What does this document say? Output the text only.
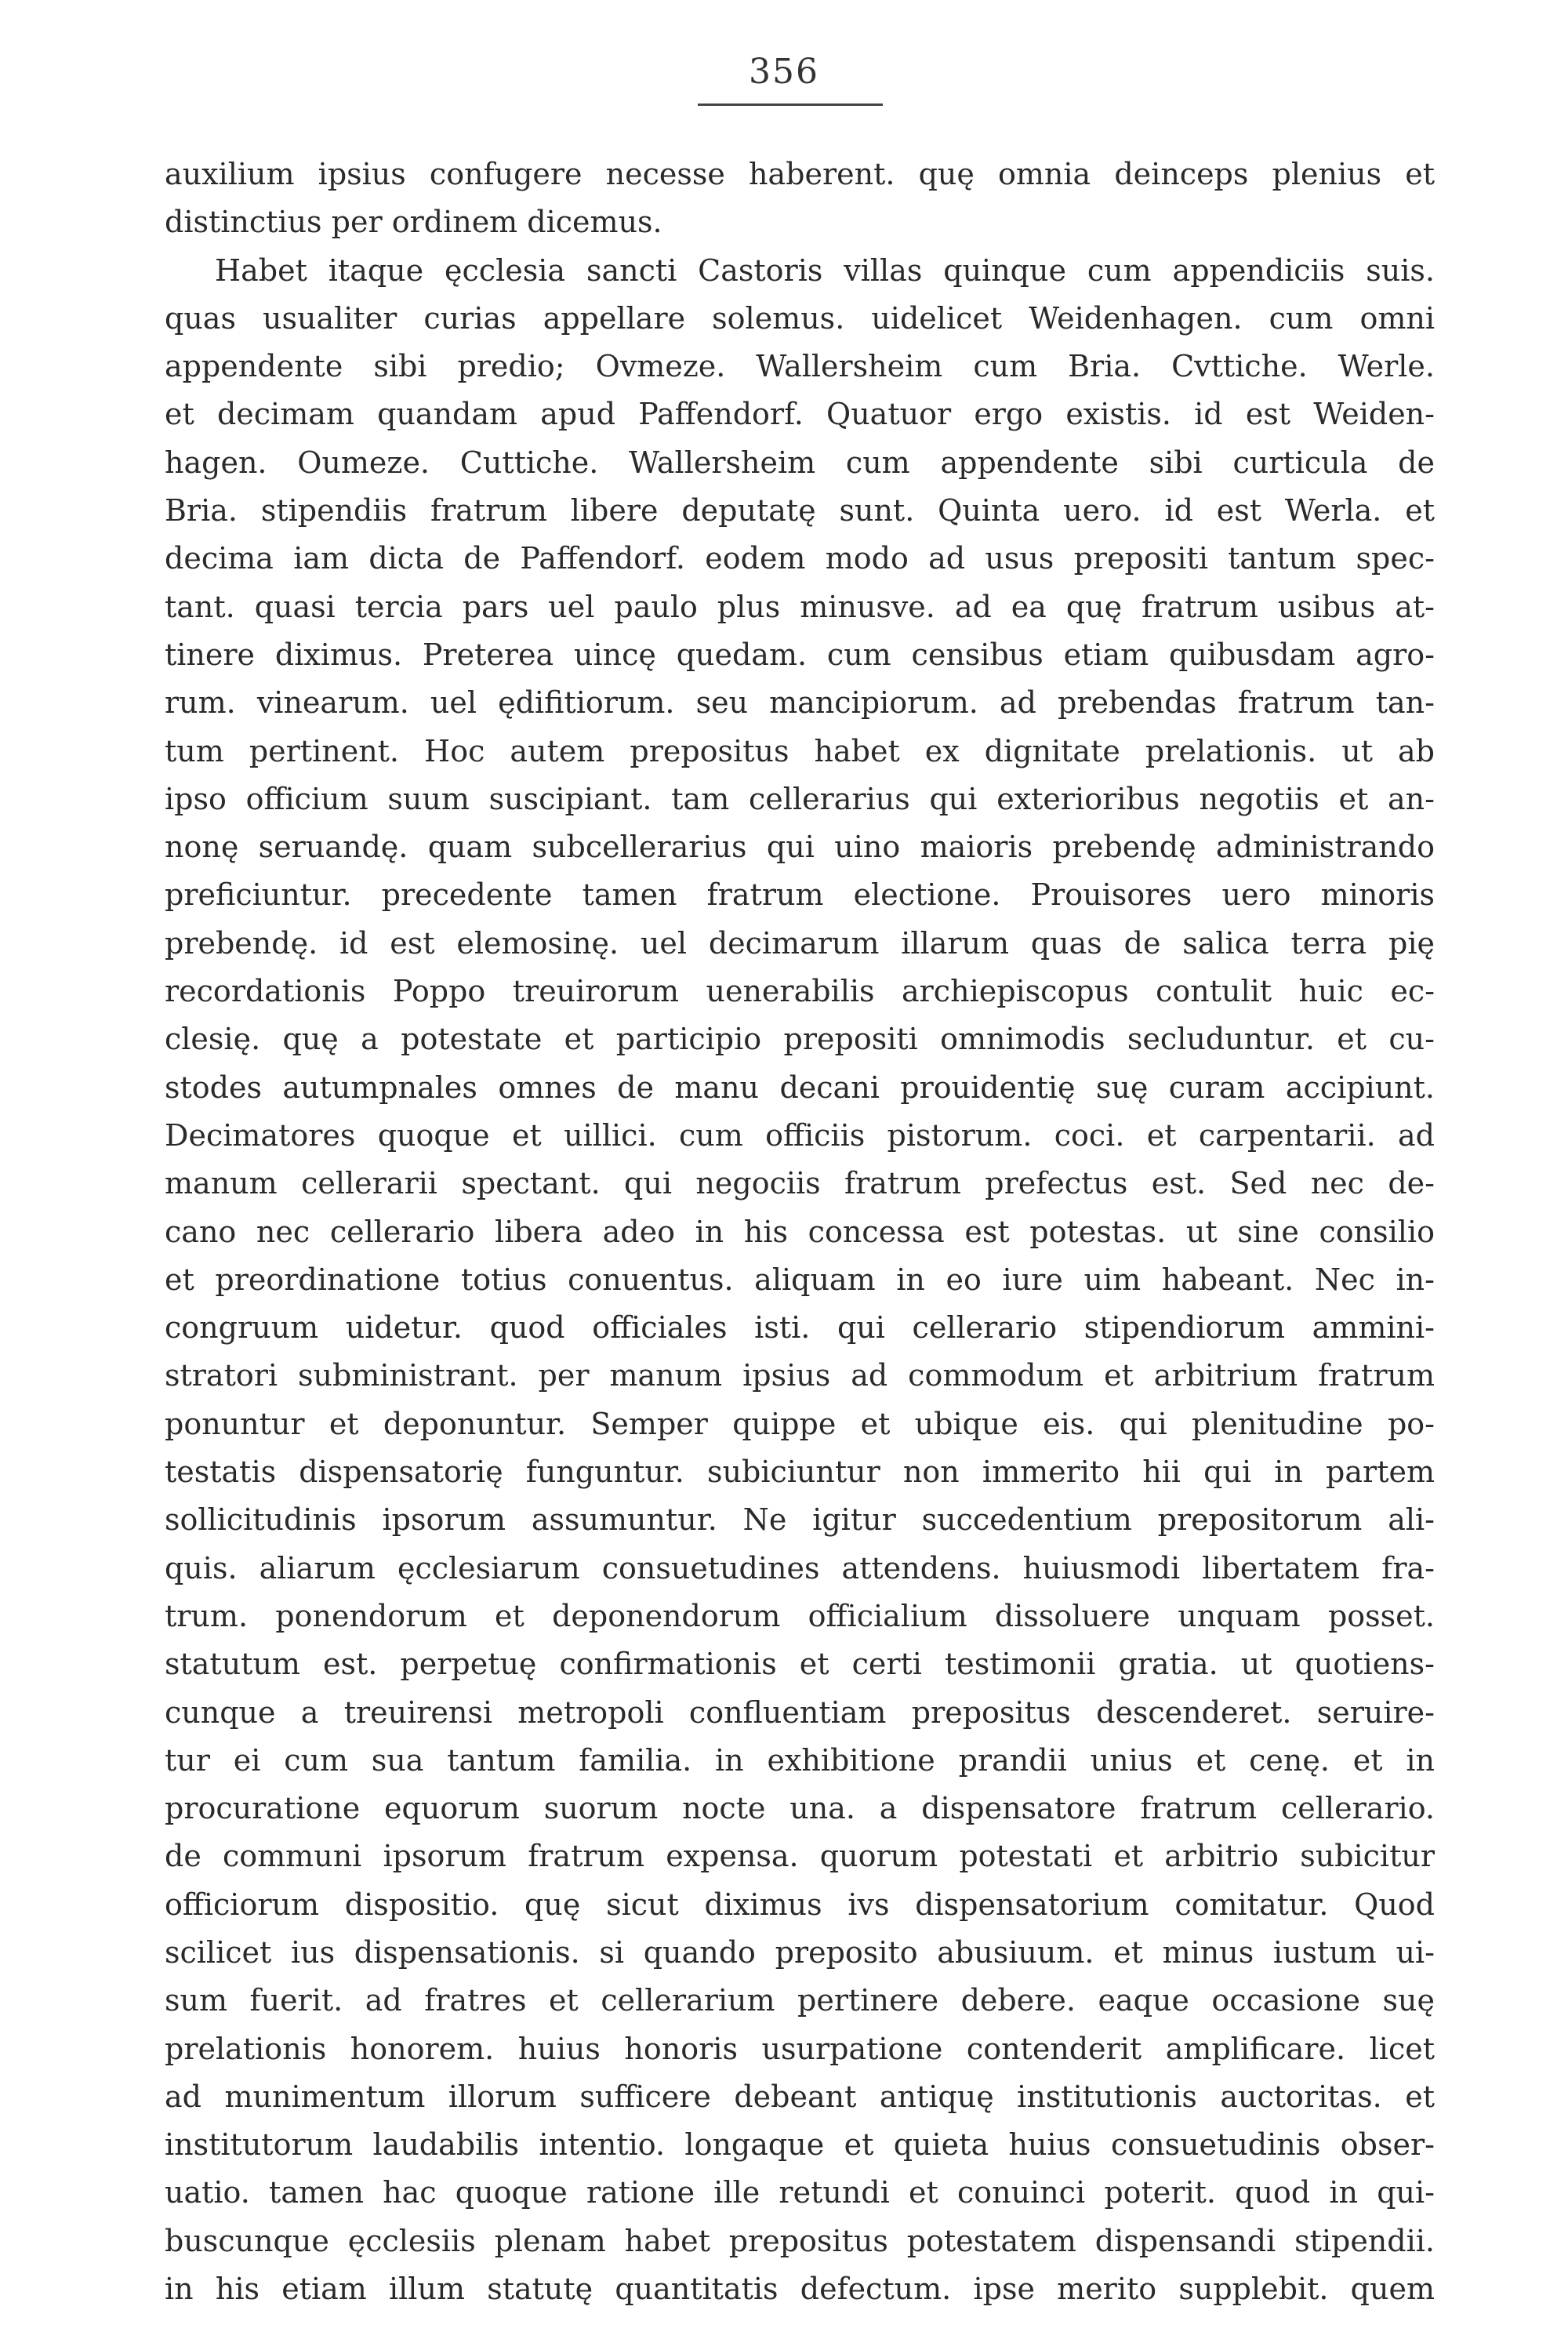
356
auxilium ipsius confugere necesse haberent. quę omnia deinceps plenius et
distinctius per ordinem dicemus.
Habet itaque ęcclesia sancti Castoris villas quinque cum appendiciis suis.
quas usualiter curias appellare solemus. uidelicet Weidenhagen. cum omni
appendente sibi predio; Ovmeze. Wallersheim cum Bria. Cvttiche. Werle.
et decimam quandam apud Paffendorf. Quatuor ergo existis. id est Weiden-
hagen. Oumeze. Cuttiche. Wallersheim cum appendente sibi curticula de
Bria. stipendiis fratrum libere deputatę sunt. Quinta uero. id est Werla. et
decima iam dicta de Paffendorf. eodem modo ad usus prepositi tantum spec-
tant. quasi tercia pars uel paulo plus minusve. ad ea quę fratrum usibus at-
tinere diximus. Preterea uincę quedam. cum censibus etiam quibusdam agro-
rum. vinearum. uel ędifitiorum. seu mancipiorum. ad prebendas fratrum tan-
tum pertinent. Hoc autem prepositus habet ex dignitate prelationis. ut ab
ipso officium suum suscipiant. tam cellerarius qui exterioribus negotiis et an-
nonę seruandę. quam subcellerarius qui uino maioris prebendę administrando
preficiuntur. precedente tamen fratrum electione. Prouisores uero minoris
prebendę. id est elemosinę. uel decimarum illarum quas de salica terra pię
recordationis Poppo treuirorum uenerabilis archiepiscopus contulit huic ec-
clesię. quę a potestate et participio prepositi omnimodis secluduntur. et cu-
stodes autumpnales omnes de manu decani prouidentię suę curam accipiunt.
Decimatores quoque et uillici. cum officiis pistorum. coci. et carpentarii. ad
manum cellerarii spectant. qui negociis fratrum prefectus est. Sed nec de-
cano nec cellerario libera adeo in his concessa est potestas. ut sine consilio
et preordinatione totius conuentus. aliquam in eo iure uim habeant. Nec in-
congruum uidetur. quod officiales isti. qui cellerario stipendiorum ammini-
stratori subministrant. per manum ipsius ad commodum et arbitrium fratrum
ponuntur et deponuntur. Semper quippe et ubique eis. qui plenitudine po-
testatis dispensatorię funguntur. subiciuntur non immerito hii qui in partem
sollicitudinis ipsorum assumuntur. Ne igitur succedentium prepositorum ali-
quis. aliarum ęcclesiarum consuetudines attendens. huiusmodi libertatem fra-
trum. ponendorum et deponendorum officialium dissoluere unquam posset.
statutum est. perpetuę confirmationis et certi testimonii gratia. ut quotiens-
cunque a treuirensi metropoli confluentiam prepositus descenderet. seruire-
tur ei cum sua tantum familia. in exhibitione prandii unius et cenę. et in
procuratione equorum suorum nocte una. a dispensatore fratrum cellerario.
de communi ipsorum fratrum expensa. quorum potestati et arbitrio subicitur
officiorum dispositio. quę sicut diximus ivs dispensatorium comitatur. Quod
scilicet ius dispensationis. si quando preposito abusiuum. et minus iustum ui-
sum fuerit. ad fratres et cellerarium pertinere debere. eaque occasione suę
prelationis honorem. huius honoris usurpatione contenderit amplificare. licet
ad munimentum illorum sufficere debeant antiquę institutionis auctoritas. et
institutorum laudabilis intentio. longaque et quieta huius consuetudinis obser-
uatio. tamen hac quoque ratione ille retundi et conuinci poterit. quod in qui-
buscunque ęcclesiis plenam habet prepositus potestatem dispensandi stipendii.
in his etiam illum statutę quantitatis defectum. ipse merito supplebit. quem
